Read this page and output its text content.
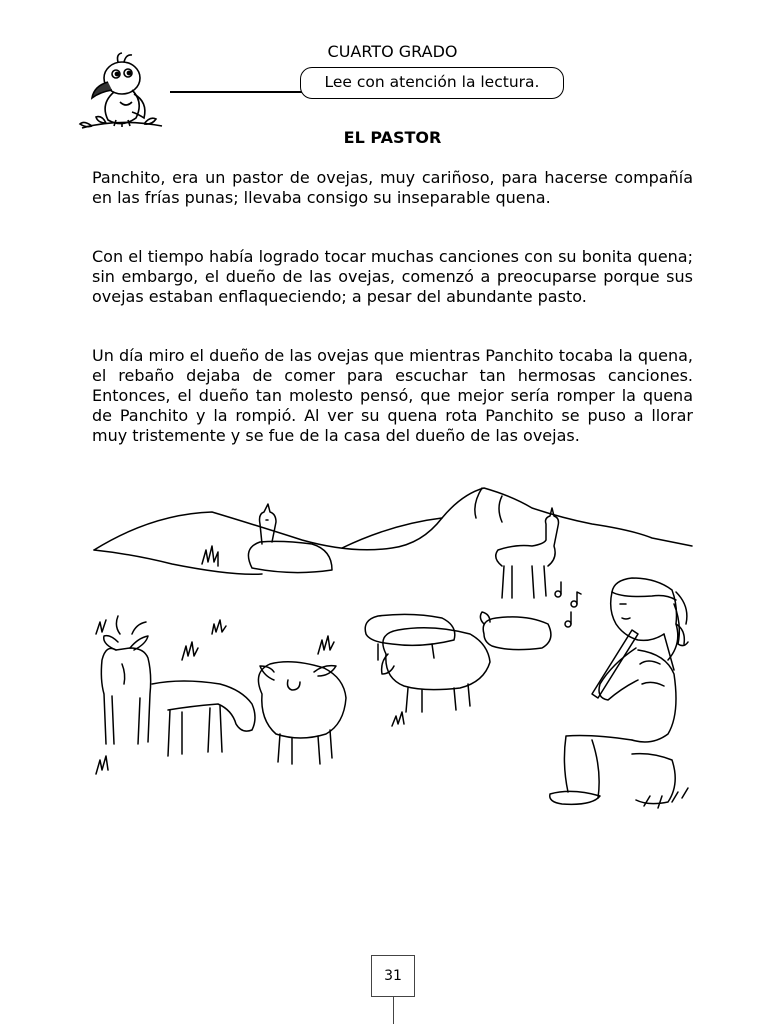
CUARTO GRADO
Lee con atención la lectura.
EL PASTOR
Panchito, era un pastor de ovejas, muy cariñoso, para hacerse compañía en las frías punas; llevaba consigo su inseparable quena.
Con el tiempo había logrado tocar muchas canciones con su bonita quena; sin embargo, el dueño de las ovejas, comenzó a preocuparse porque sus ovejas estaban enflaqueciendo; a pesar del abundante pasto.
Un día miro el dueño de las ovejas que mientras Panchito tocaba la quena, el rebaño dejaba de comer para escuchar tan hermosas canciones. Entonces, el dueño tan molesto pensó, que mejor sería romper la quena de Panchito y la rompió. Al ver su quena rota Panchito se puso a llorar muy tristemente y se fue de la casa del dueño de las ovejas.
31
